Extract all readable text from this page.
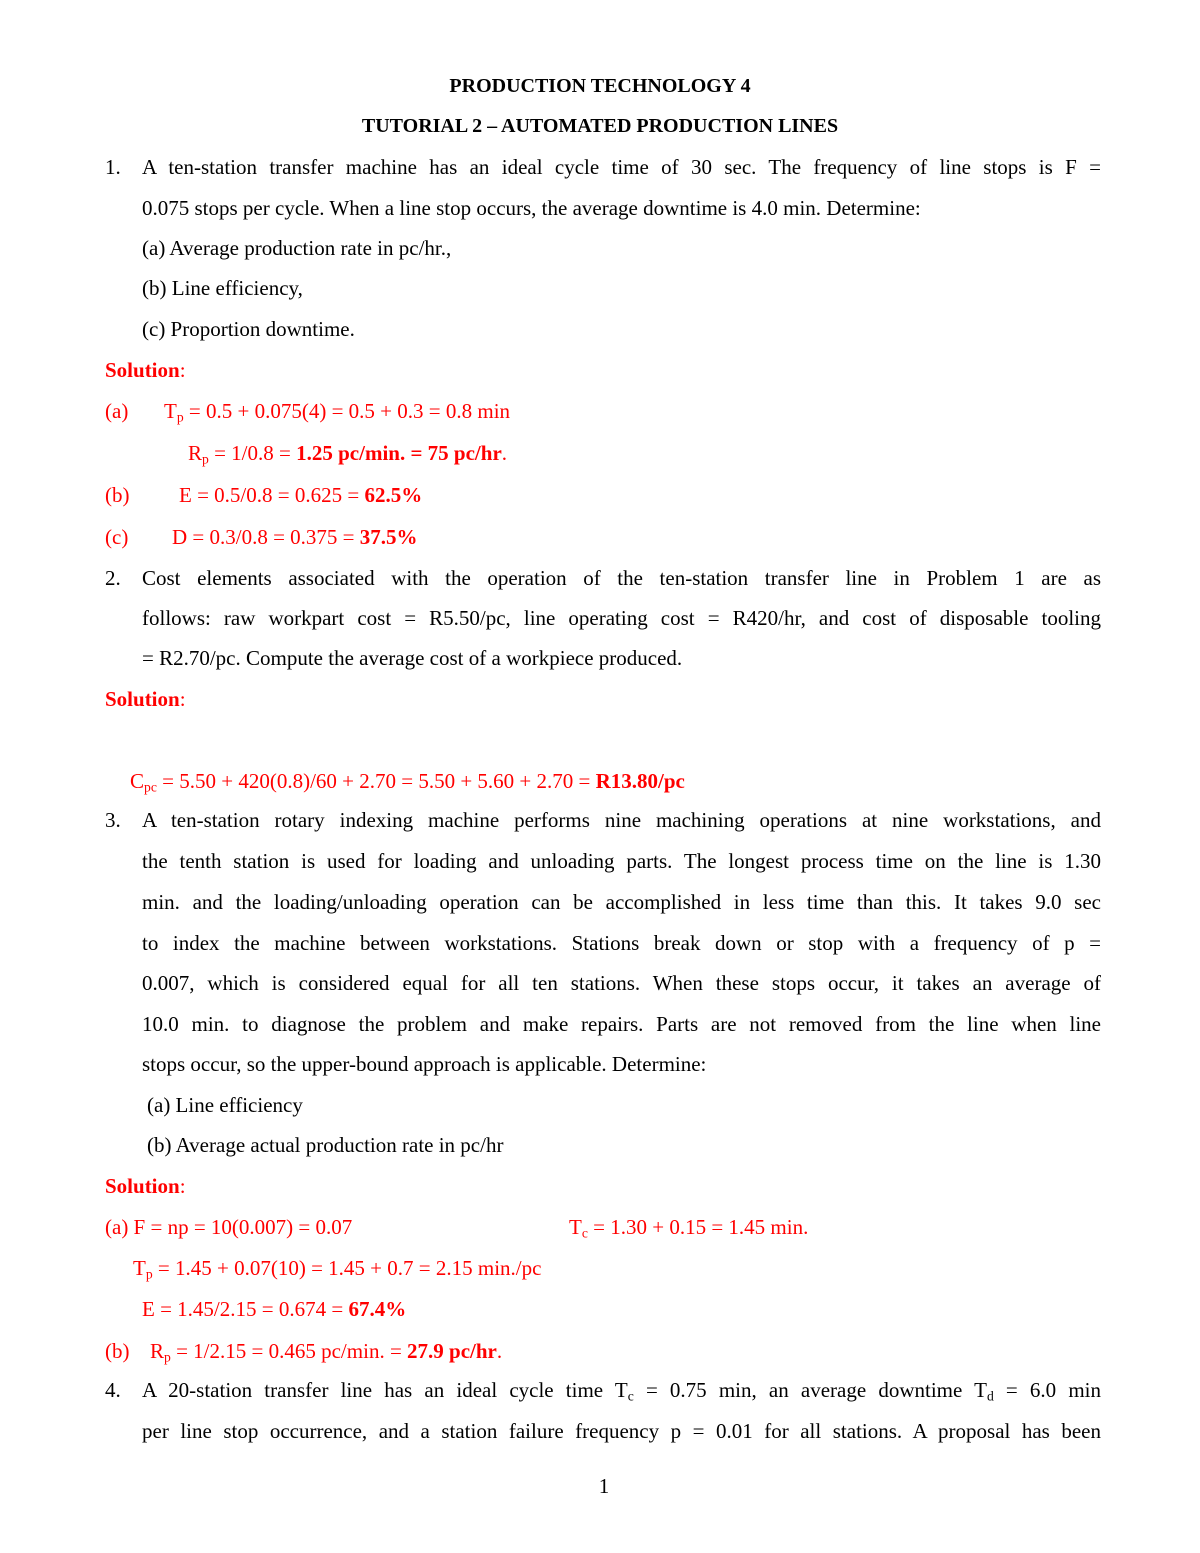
PRODUCTION TECHNOLOGY 4
TUTORIAL 2 – AUTOMATED PRODUCTION LINES
1. A ten-station transfer machine has an ideal cycle time of 30 sec. The frequency of line stops is F =
0.075 stops per cycle. When a line stop occurs, the average downtime is 4.0 min. Determine:
(a) Average production rate in pc/hr.,
(b) Line efficiency,
(c) Proportion downtime.
Solution:
(a) $T_p = 0.5 + 0.075(4) = 0.5 + 0.3 = 0.8$ min
$R_p = 1/0.8 = 1.25$ pc/min. = 75 pc/hr.
(b) E = 0.5/0.8 = 0.625 = 62.5%
(c) D = 0.3/0.8 = 0.375 = 37.5%
2. Cost elements associated with the operation of the ten-station transfer line in Problem 1 are as
follows: raw workpart cost = R5.50/pc, line operating cost = R420/hr, and cost of disposable tooling
= R2.70/pc. Compute the average cost of a workpiece produced.
Solution:
$C_{pc} = 5.50 + 420(0.8)/60 + 2.70 = 5.50 + 5.60 + 2.70 = R13.80/pc$
3. A ten-station rotary indexing machine performs nine machining operations at nine workstations, and
the tenth station is used for loading and unloading parts. The longest process time on the line is 1.30
min. and the loading/unloading operation can be accomplished in less time than this. It takes 9.0 sec
to index the machine between workstations. Stations break down or stop with a frequency of p =
0.007, which is considered equal for all ten stations. When these stops occur, it takes an average of
10.0 min. to diagnose the problem and make repairs. Parts are not removed from the line when line
stops occur, so the upper-bound approach is applicable. Determine:
(a) Line efficiency
(b) Average actual production rate in pc/hr
Solution:
(a) F = np = 10(0.007) = 0.07	$T_c = 1.30 + 0.15 = 1.45$ min.
$T_p = 1.45 + 0.07(10) = 1.45 + 0.7 = 2.15$ min./pc
E = 1.45/2.15 = 0.674 = 67.4%
(b) $R_p = 1/2.15 = 0.465$ pc/min. = 27.9 pc/hr.
4. A 20-station transfer line has an ideal cycle time $T_c = 0.75$ min, an average downtime $T_d = 6.0$ min
per line stop occurrence, and a station failure frequency p = 0.01 for all stations. A proposal has been
1
